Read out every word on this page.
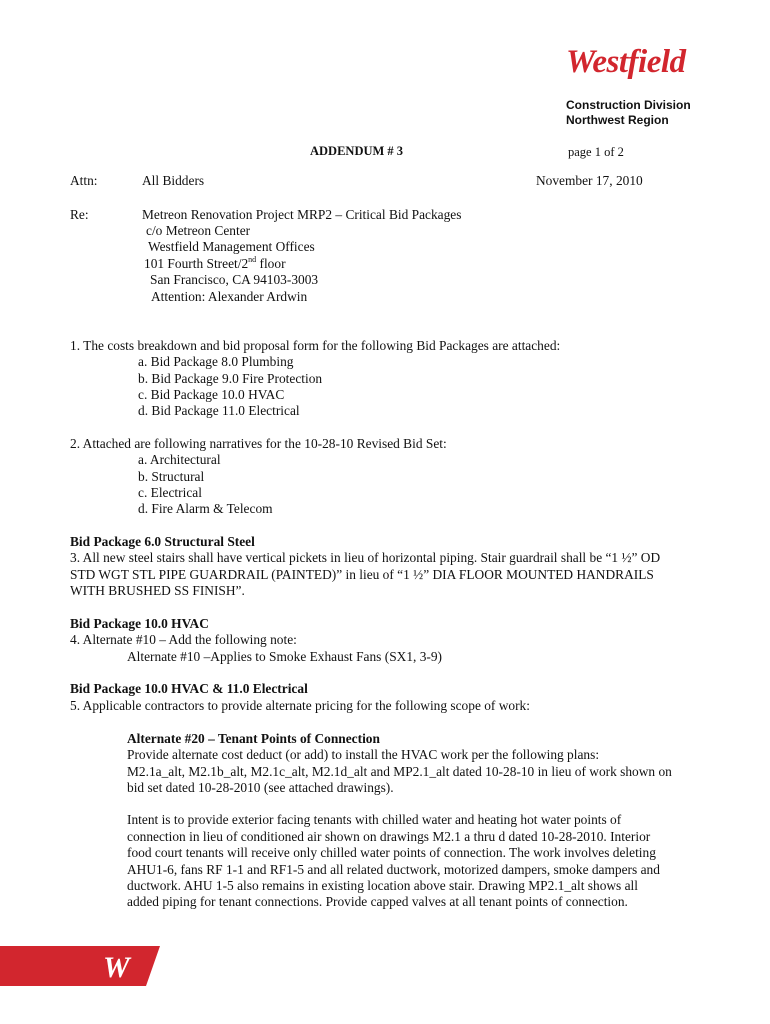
Westfield
Construction Division
Northwest Region
ADDENDUM # 3	page 1 of 2
Attn:	All Bidders	November 17, 2010
Re:	Metreon Renovation Project MRP2 – Critical Bid Packages
c/o Metreon Center
Westfield Management Offices
101 Fourth Street/2nd floor
San Francisco, CA 94103-3003
Attention: Alexander Ardwin
1. The costs breakdown and bid proposal form for the following Bid Packages are attached:
a. Bid Package 8.0 Plumbing
b. Bid Package 9.0 Fire Protection
c. Bid Package 10.0 HVAC
d. Bid Package 11.0 Electrical
2. Attached are following narratives for the 10-28-10 Revised Bid Set:
a. Architectural
b. Structural
c. Electrical
d. Fire Alarm & Telecom
Bid Package 6.0 Structural Steel
3. All new steel stairs shall have vertical pickets in lieu of horizontal piping. Stair guardrail shall be “1 ½” OD
STD WGT STL PIPE GUARDRAIL (PAINTED)” in lieu of “1 ½” DIA FLOOR MOUNTED HANDRAILS
WITH BRUSHED SS FINISH”.
Bid Package 10.0 HVAC
4. Alternate #10 – Add the following note:
Alternate #10 –Applies to Smoke Exhaust Fans (SX1, 3-9)
Bid Package 10.0 HVAC & 11.0 Electrical
5. Applicable contractors to provide alternate pricing for the following scope of work:
Alternate #20 – Tenant Points of Connection
Provide alternate cost deduct (or add) to install the HVAC work per the following plans:
M2.1a_alt, M2.1b_alt, M2.1c_alt, M2.1d_alt and MP2.1_alt dated 10-28-10 in lieu of work shown on
bid set dated 10-28-2010 (see attached drawings).
Intent is to provide exterior facing tenants with chilled water and heating hot water points of
connection in lieu of conditioned air shown on drawings M2.1 a thru d dated 10-28-2010. Interior
food court tenants will receive only chilled water points of connection. The work involves deleting
AHU1-6, fans RF 1-1 and RF1-5 and all related ductwork, motorized dampers, smoke dampers and
ductwork. AHU 1-5 also remains in existing location above stair. Drawing MP2.1_alt shows all
added piping for tenant connections. Provide capped valves at all tenant points of connection.
W
